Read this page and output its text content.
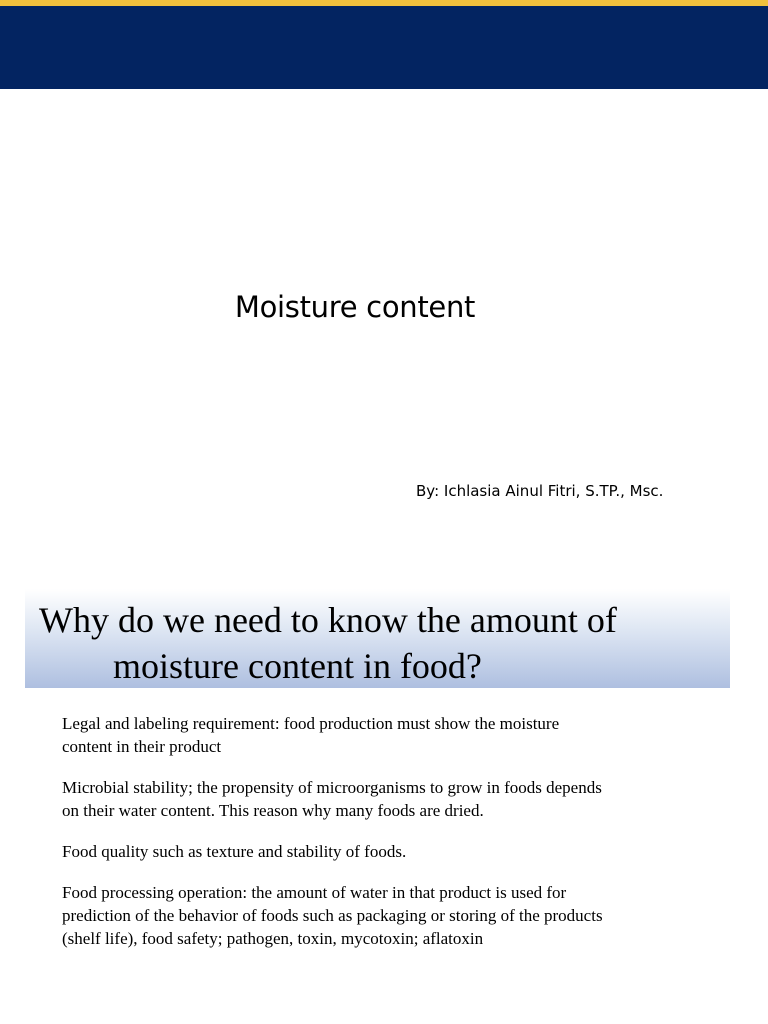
Moisture content
By: Ichlasia Ainul Fitri, S.TP., Msc.
Why do we need to know the amount of
moisture content in food?

Legal and labeling requirement: food production must show the moisture
content in their product

Microbial stability; the propensity of microorganisms to grow in foods depends
on their water content. This reason why many foods are dried.

Food quality such as texture and stability of foods.

Food processing operation: the amount of water in that product is used for
prediction of the behavior of foods such as packaging or storing of the products
(shelf life), food safety; pathogen, toxin, mycotoxin; aflatoxin
